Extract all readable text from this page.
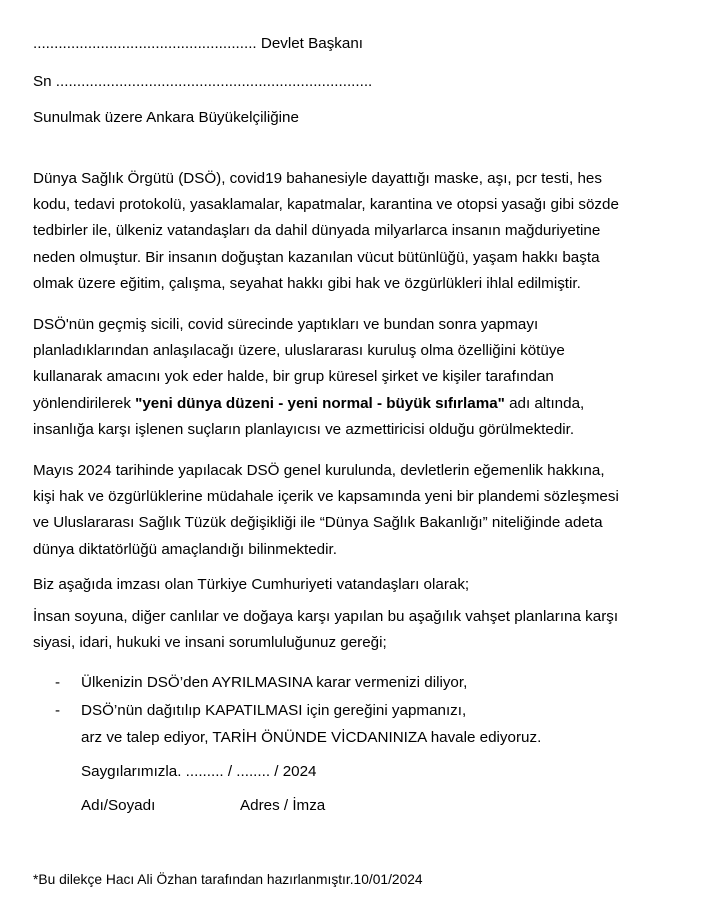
..................................................... Devlet Başkanı
Sn ...........................................................................
Sunulmak üzere Ankara Büyükelçiliğine
Dünya Sağlık Örgütü (DSÖ), covid19 bahanesiyle dayattığı maske, aşı, pcr testi, hes
kodu, tedavi protokolü, yasaklamalar, kapatmalar, karantina ve otopsi yasağı gibi sözde
tedbirler ile, ülkeniz vatandaşları da dahil dünyada milyarlarca insanın mağduriyetine
neden olmuştur. Bir insanın doğuştan kazanılan vücut bütünlüğü, yaşam hakkı başta
olmak üzere eğitim, çalışma, seyahat hakkı gibi hak ve özgürlükleri ihlal edilmiştir.
DSÖ'nün geçmiş sicili, covid sürecinde yaptıkları ve bundan sonra yapmayı
planladıklarından anlaşılacağı üzere, uluslararası kuruluş olma özelliğini kötüye
kullanarak amacını yok eder halde, bir grup küresel şirket ve kişiler tarafından
yönlendirilerek "yeni dünya düzeni - yeni normal - büyük sıfırlama" adı altında,
insanlığa karşı işlenen suçların planlayıcısı ve azmettiricisi olduğu görülmektedir.
Mayıs 2024 tarihinde yapılacak DSÖ genel kurulunda, devletlerin eğemenlik hakkına,
kişi hak ve özgürlüklerine müdahale içerik ve kapsamında yeni bir plandemi sözleşmesi
ve Uluslararası Sağlık Tüzük değişikliği ile “Dünya Sağlık Bakanlığı” niteliğinde adeta
dünya diktatörlüğü amaçlandığı bilinmektedir.
Biz aşağıda imzası olan Türkiye Cumhuriyeti vatandaşları olarak;
İnsan soyuna, diğer canlılar ve doğaya karşı yapılan bu aşağılık vahşet planlarına karşı
siyasi, idari, hukuki ve insani sorumluluğunuz gereği;
- Ülkenizin DSÖ’den AYRILMASINA karar vermenizi diliyor,
- DSÖ’nün dağıtılıp KAPATILMASI için gereğini yapmanızı,
arz ve talep ediyor, TARİH ÖNÜNDE VİCDANINIZA havale ediyoruz.
Saygılarımızla. ......... / ........ / 2024
Adı/Soyadı	Adres / İmza
*Bu dilekçe Hacı Ali Özhan tarafından hazırlanmıştır.10/01/2024
